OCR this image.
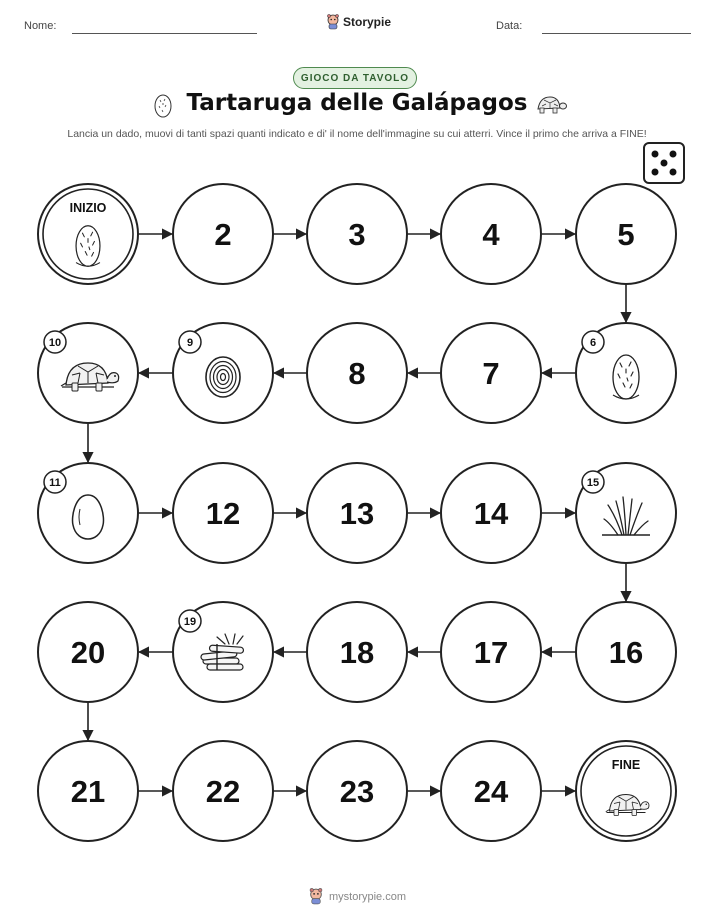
Nome:	Storypie	Data:
GIOCO DA TAVOLO
Tartaruga delle Galápagos
Lancia un dado, muovi di tanti spazi quanti indicato e di' il nome dell'immagine su cui atterri. Vince il primo che arriva a FINE!
INIZIO
2	3	4	5
6
7
8
9
10
11
12	13	14
15
16
17
18
19
20
21	22	23	24
FINE
mystorypie.com
